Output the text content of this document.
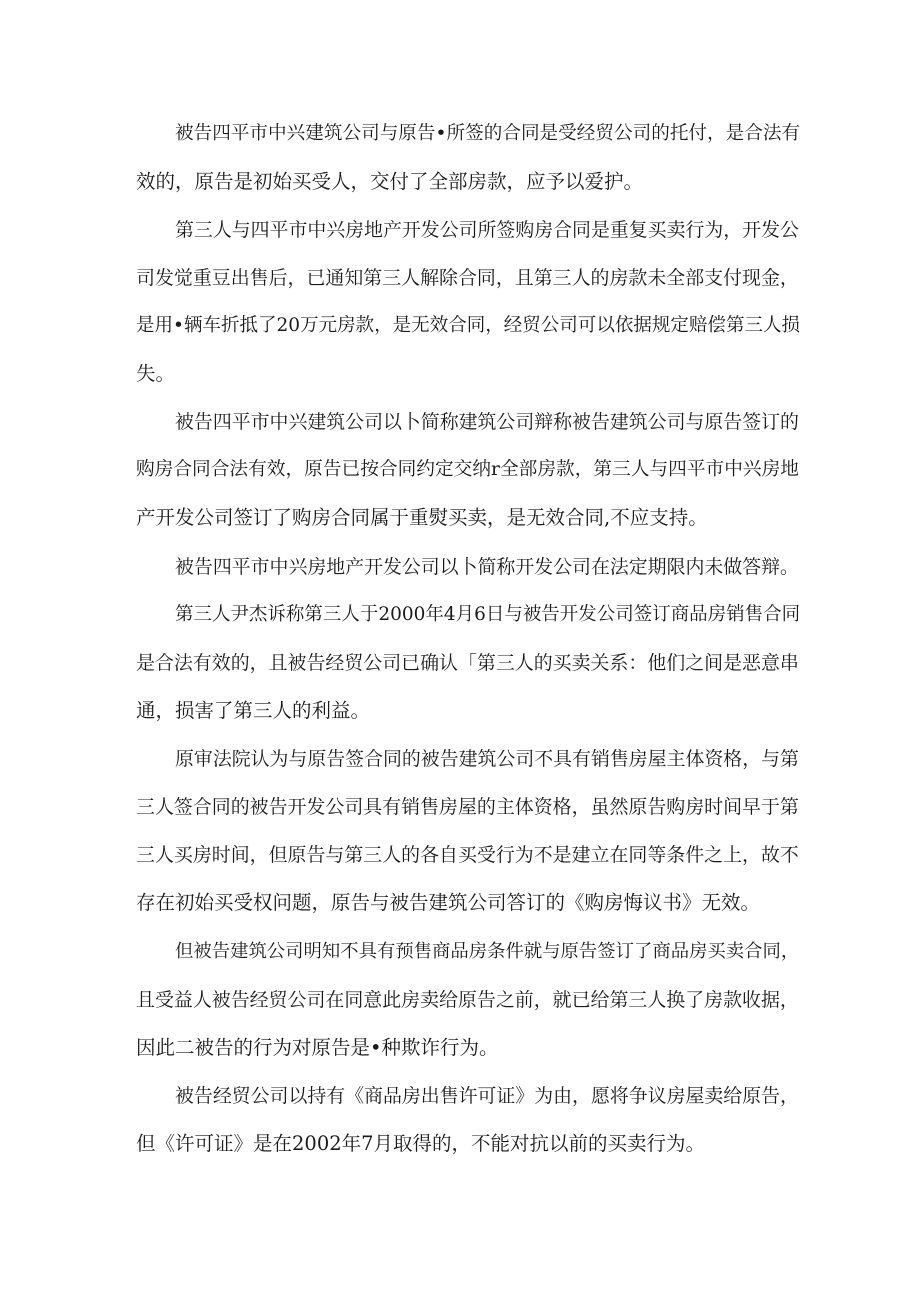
被告四平市中兴建筑公司与原告•所签的合同是受经贸公司的托付，是合法有

效的，原告是初始买受人，交付了全部房款，应予以爱护。

第三人与四平市中兴房地产开发公司所签购房合同是重复买卖行为，开发公

司发觉重豆出售后，已通知第三人解除合同，且第三人的房款未全部支付现金，

是用•辆车折抵了20万元房款，是无效合同，经贸公司可以依据规定赔偿第三人损

失。

被告四平市中兴建筑公司以卜简称建筑公司辩称被告建筑公司与原告签订的

购房合同合法有效，原告已按合同约定交纳r全部房款，第三人与四平市中兴房地

产开发公司签订了购房合同属于重熨买卖，是无效合同,不应支持。

被告四平市中兴房地产开发公司以卜简称开发公司在法定期限内未做答辩。

第三人尹杰诉称第三人于2000年4月6日与被告开发公司签订商品房销售合同

是合法有效的，且被告经贸公司已确认「第三人的买卖关系：他们之间是恶意串

通，损害了第三人的利益。

原审法院认为与原告签合同的被告建筑公司不具有销售房屋主体资格，与第

三人签合同的被告开发公司具有销售房屋的主体资格，虽然原告购房时间早于第

三人买房时间，但原告与第三人的各自买受行为不是建立在同等条件之上，故不

存在初始买受权问题，原告与被告建筑公司答订的《购房悔议书》无效。

但被告建筑公司明知不具有预售商品房条件就与原告签订了商品房买卖合同，

且受益人被告经贸公司在同意此房卖给原告之前，就已给第三人换了房款收据，

因此二被告的行为对原告是•种欺诈行为。

被告经贸公司以持有《商品房出售许可证》为由，愿将争议房屋卖给原告，

但《许可证》是在2002年7月取得的，不能对抗以前的买卖行为。
